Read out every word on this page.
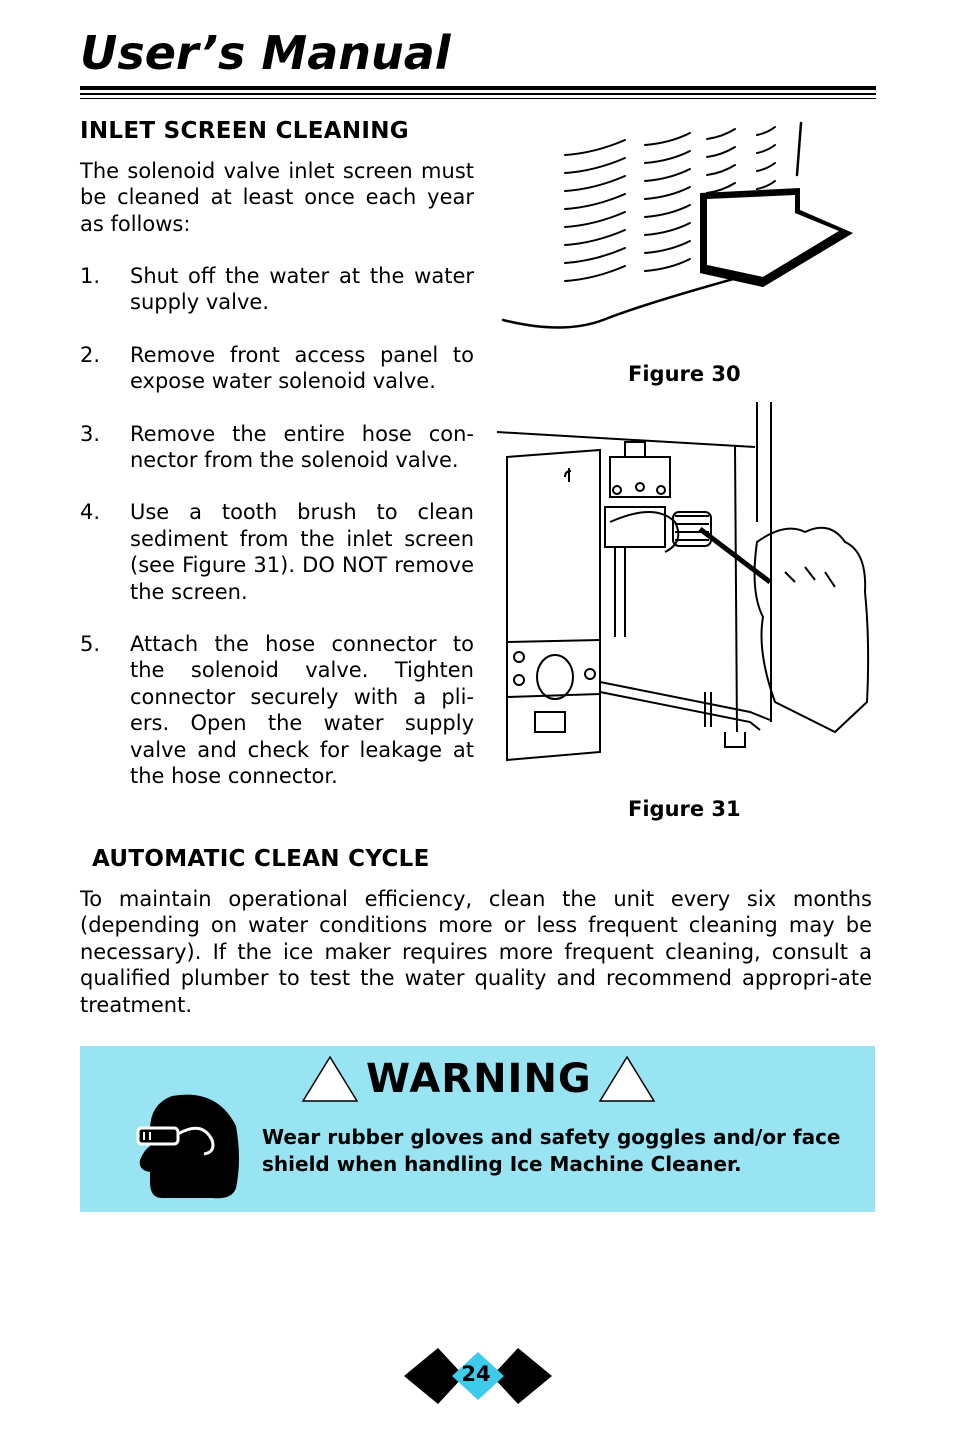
User’s Manual
INLET SCREEN CLEANING
The solenoid valve inlet screen must be cleaned at least once each year as follows:
1.	Shut off the water at the water supply valve.
2.	Remove front access panel to expose water solenoid valve.
3.	Remove the entire hose con-nector from the solenoid valve.
4.	Use a tooth brush to clean sediment from the inlet screen (see Figure 31). DO NOT remove the screen.
5.	Attach the hose connector to the solenoid valve. Tighten connector securely with a pli-ers. Open the water supply valve and check for leakage at the hose connector.
Figure 30
Figure 31
AUTOMATIC CLEAN CYCLE
To maintain operational efficiency, clean the unit every six months (depending on water conditions more or less frequent cleaning may be necessary). If the ice maker requires more frequent cleaning, consult a qualified plumber to test the water quality and recommend appropri-ate treatment.
WARNING
Wear rubber gloves and safety goggles and/or face shield when handling Ice Machine Cleaner.
24
